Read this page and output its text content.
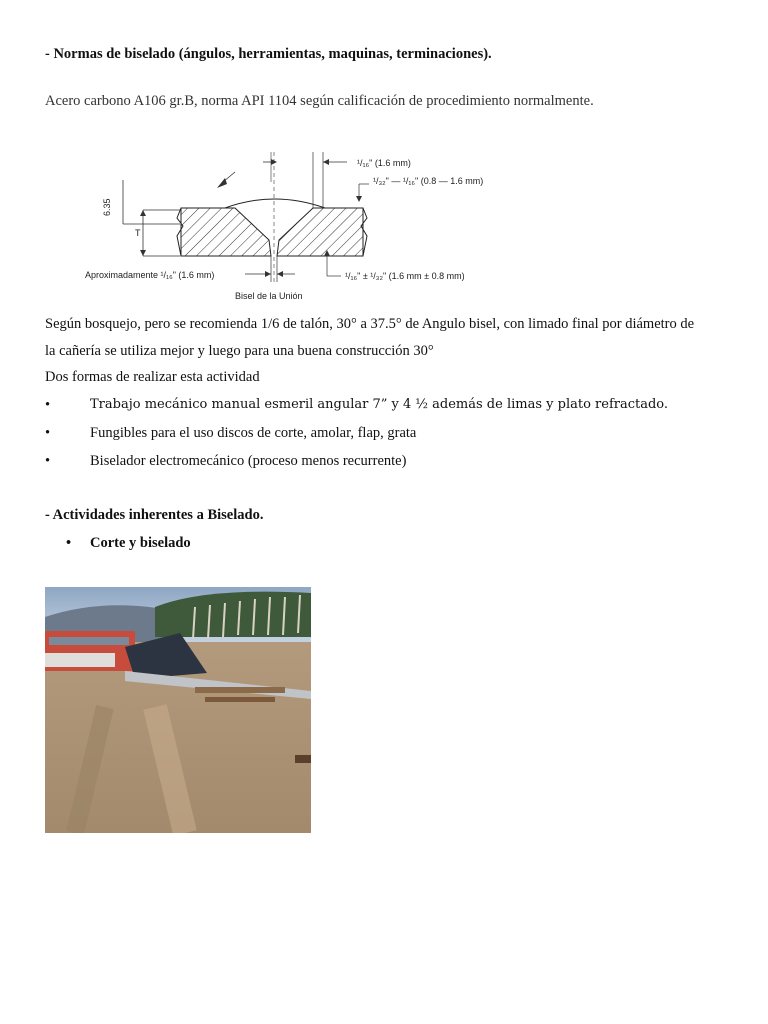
- Normas de biselado (ángulos, herramientas, maquinas, terminaciones).
Acero carbono A106 gr.B, norma API 1104 según calificación de procedimiento normalmente.
6.35
T
¹/₁₆" (1.6 mm)
¹/₃₂" — ¹/₁₆" (0.8 — 1.6 mm)
Aproximadamente ¹/₁₆" (1.6 mm)	¹/₁₆" ± ¹/₃₂" (1.6 mm ± 0.8 mm)
Bisel de la Unión
Según bosquejo, pero se recomienda 1/6 de talón, 30° a 37.5° de Angulo bisel, con limado final por diámetro de
la cañería se utiliza mejor y luego para una buena construcción 30°
Dos formas de realizar esta actividad
•	Trabajo mecánico manual esmeril angular 7” y 4 ½ además de limas y plato refractado.
•	Fungibles para el uso discos de corte, amolar, flap, grata
•	Biselador electromecánico (proceso menos recurrente)
- Actividades inherentes a Biselado.
• Corte y biselado
